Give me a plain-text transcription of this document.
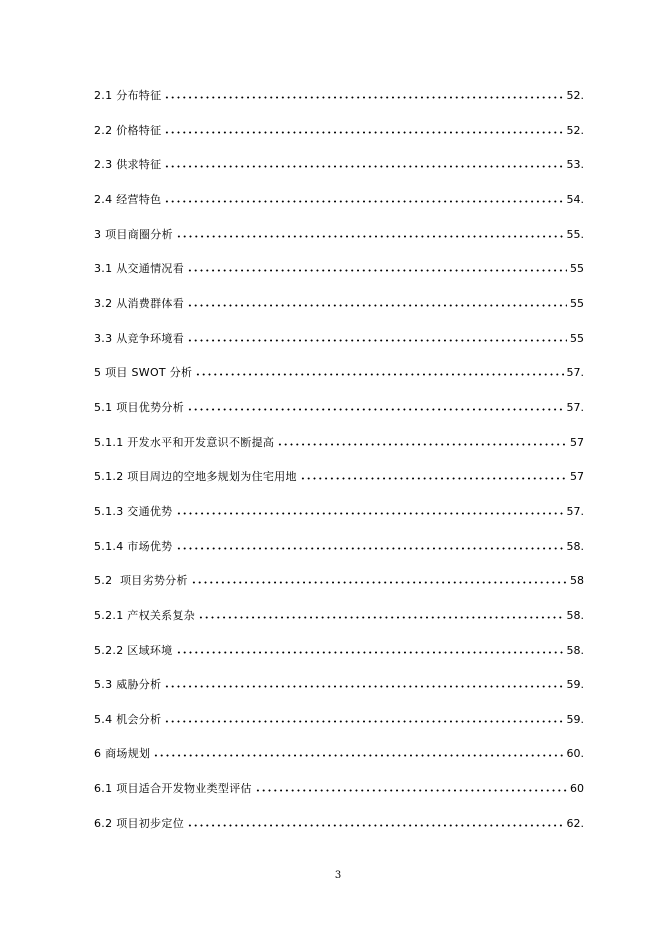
2.1 分布特征	52.
2.2 价格特征	52.
2.3 供求特征	53.
2.4 经营特色	54.
3 项目商圈分析	55.
3.1 从交通情况看	55
3.2 从消费群体看	55
3.3 从竞争环境看	55
5 项目 SWOT 分析	57.
5.1 项目优势分析	57.
5.1.1 开发水平和开发意识不断提高	57
5.1.2 项目周边的空地多规划为住宅用地	57
5.1.3 交通优势	57.
5.1.4 市场优势	58.
5.2  项目劣势分析	58
5.2.1 产权关系复杂	58.
5.2.2 区域环境	58.
5.3 威胁分析	59.
5.4 机会分析	59.
6 商场规划	60.
6.1 项目适合开发物业类型评估	60
6.2 项目初步定位	62.
3
